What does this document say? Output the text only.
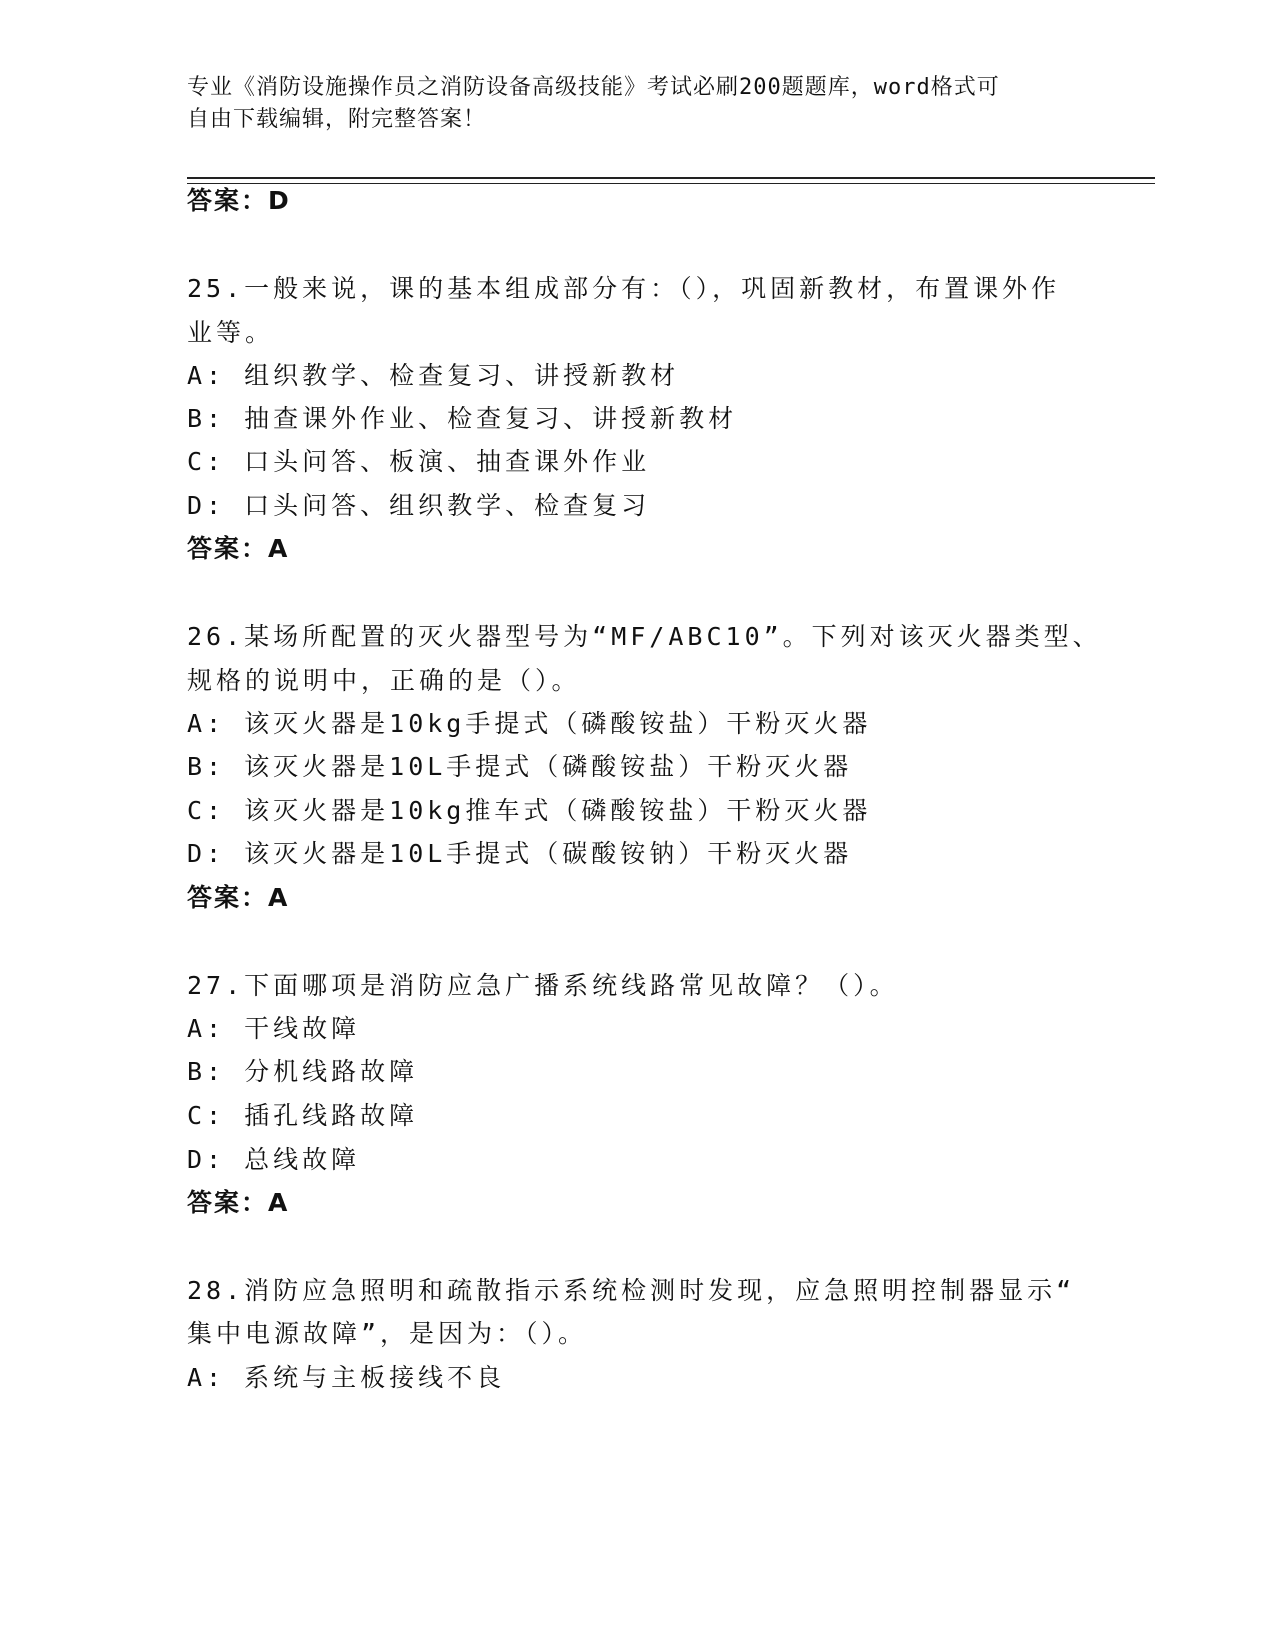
专业《消防设施操作员之消防设备高级技能》考试必刷200题题库，word格式可
自由下载编辑，附完整答案！
答案：D
25.一般来说，课的基本组成部分有：（），巩固新教材，布置课外作
业等。
A: 组织教学、检查复习、讲授新教材
B: 抽查课外作业、检查复习、讲授新教材
C: 口头问答、板演、抽查课外作业
D: 口头问答、组织教学、检查复习
答案：A
26.某场所配置的灭火器型号为“MF/ABC10”。下列对该灭火器类型、
规格的说明中，正确的是（）。
A: 该灭火器是10kg手提式（磷酸铵盐）干粉灭火器
B: 该灭火器是10L手提式（磷酸铵盐）干粉灭火器
C: 该灭火器是10kg推车式（磷酸铵盐）干粉灭火器
D: 该灭火器是10L手提式（碳酸铵钠）干粉灭火器
答案：A
27.下面哪项是消防应急广播系统线路常见故障？（）。
A: 干线故障
B: 分机线路故障
C: 插孔线路故障
D: 总线故障
答案：A
28.消防应急照明和疏散指示系统检测时发现，应急照明控制器显示“
集中电源故障”，是因为：（）。
A: 系统与主板接线不良
